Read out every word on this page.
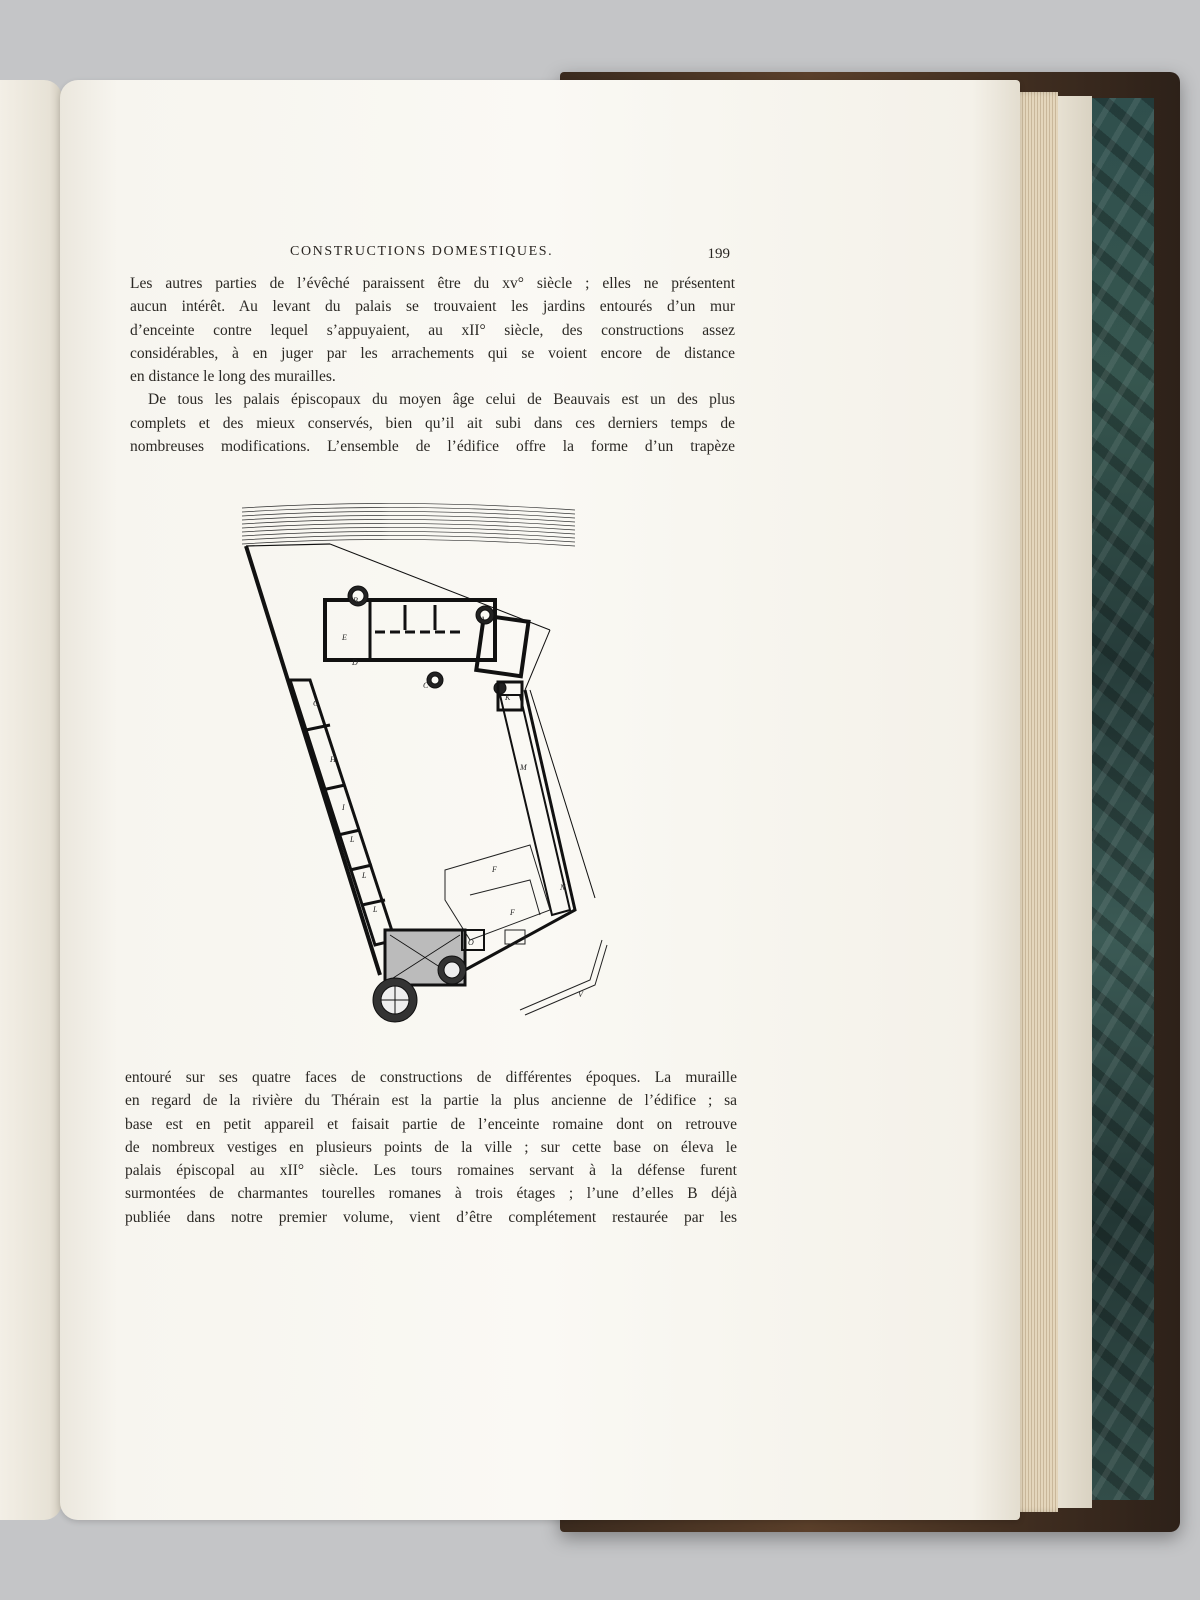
CONSTRUCTIONS DOMESTIQUES.	199
Les autres parties de l’évêché paraissent être du xv° siècle ; elles ne présentent
aucun intérêt. Au levant du palais se trouvaient les jardins entourés d’un mur
d’enceinte contre lequel s’appuyaient, au xII° siècle, des constructions assez
considérables, à en juger par les arrachements qui se voient encore de distance
en distance le long des murailles.
De tous les palais épiscopaux du moyen âge celui de Beauvais est un des plus
complets et des mieux conservés, bien qu’il ait subi dans ces derniers temps de
nombreuses modifications. L’ensemble de l’édifice offre la forme d’un trapèze
B
A
E
D
C
K
G
H
I
L
L
L
M
F
N
F
O
V
entouré sur ses quatre faces de constructions de différentes époques. La muraille
en regard de la rivière du Thérain est la partie la plus ancienne de l’édifice ; sa
base est en petit appareil et faisait partie de l’enceinte romaine dont on retrouve
de nombreux vestiges en plusieurs points de la ville ; sur cette base on éleva le
palais épiscopal au xII° siècle. Les tours romaines servant à la défense furent
surmontées de charmantes tourelles romanes à trois étages ; l’une d’elles B déjà
publiée dans notre premier volume, vient d’être complétement restaurée par les
